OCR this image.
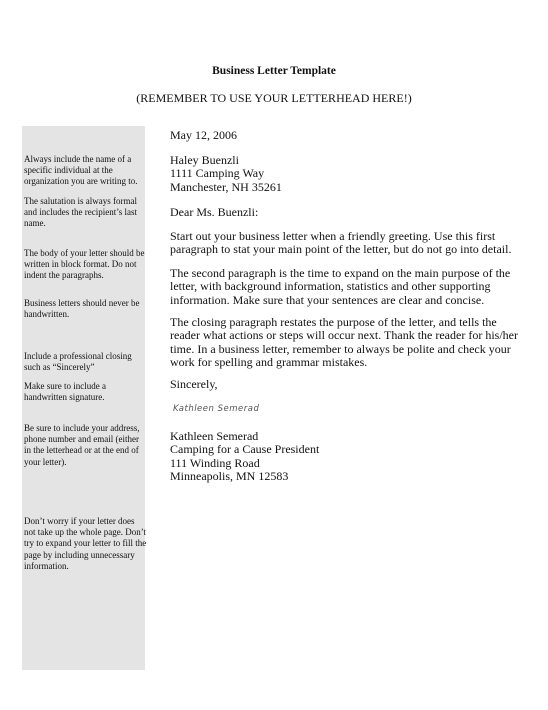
Business Letter Template
(REMEMBER TO USE YOUR LETTERHEAD HERE!)
Always include the name of a specific individual at the organization you are writing to.
The salutation is always formal and includes the recipient’s last name.
The body of your letter should be written in block format. Do not indent the paragraphs.
Business letters should never be handwritten.
Include a professional closing such as “Sincerely”
Make sure to include a handwritten signature.
Be sure to include your address, phone number and email (either in the letterhead or at the end of your letter).
Don’t worry if your letter does not take up the whole page. Don’t try to expand your letter to fill the page by including unnecessary information.
May 12, 2006
Haley Buenzli
1111 Camping Way
Manchester, NH 35261
Dear Ms. Buenzli:
Start out your business letter when a friendly greeting. Use this first paragraph to stat your main point of the letter, but do not go into detail.
The second paragraph is the time to expand on the main purpose of the letter, with background information, statistics and other supporting information. Make sure that your sentences are clear and concise.
The closing paragraph restates the purpose of the letter, and tells the reader what actions or steps will occur next. Thank the reader for his/her time. In a business letter, remember to always be polite and check your work for spelling and grammar mistakes.
Sincerely,
Kathleen Semerad
Kathleen Semerad
Camping for a Cause President
111 Winding Road
Minneapolis, MN 12583
